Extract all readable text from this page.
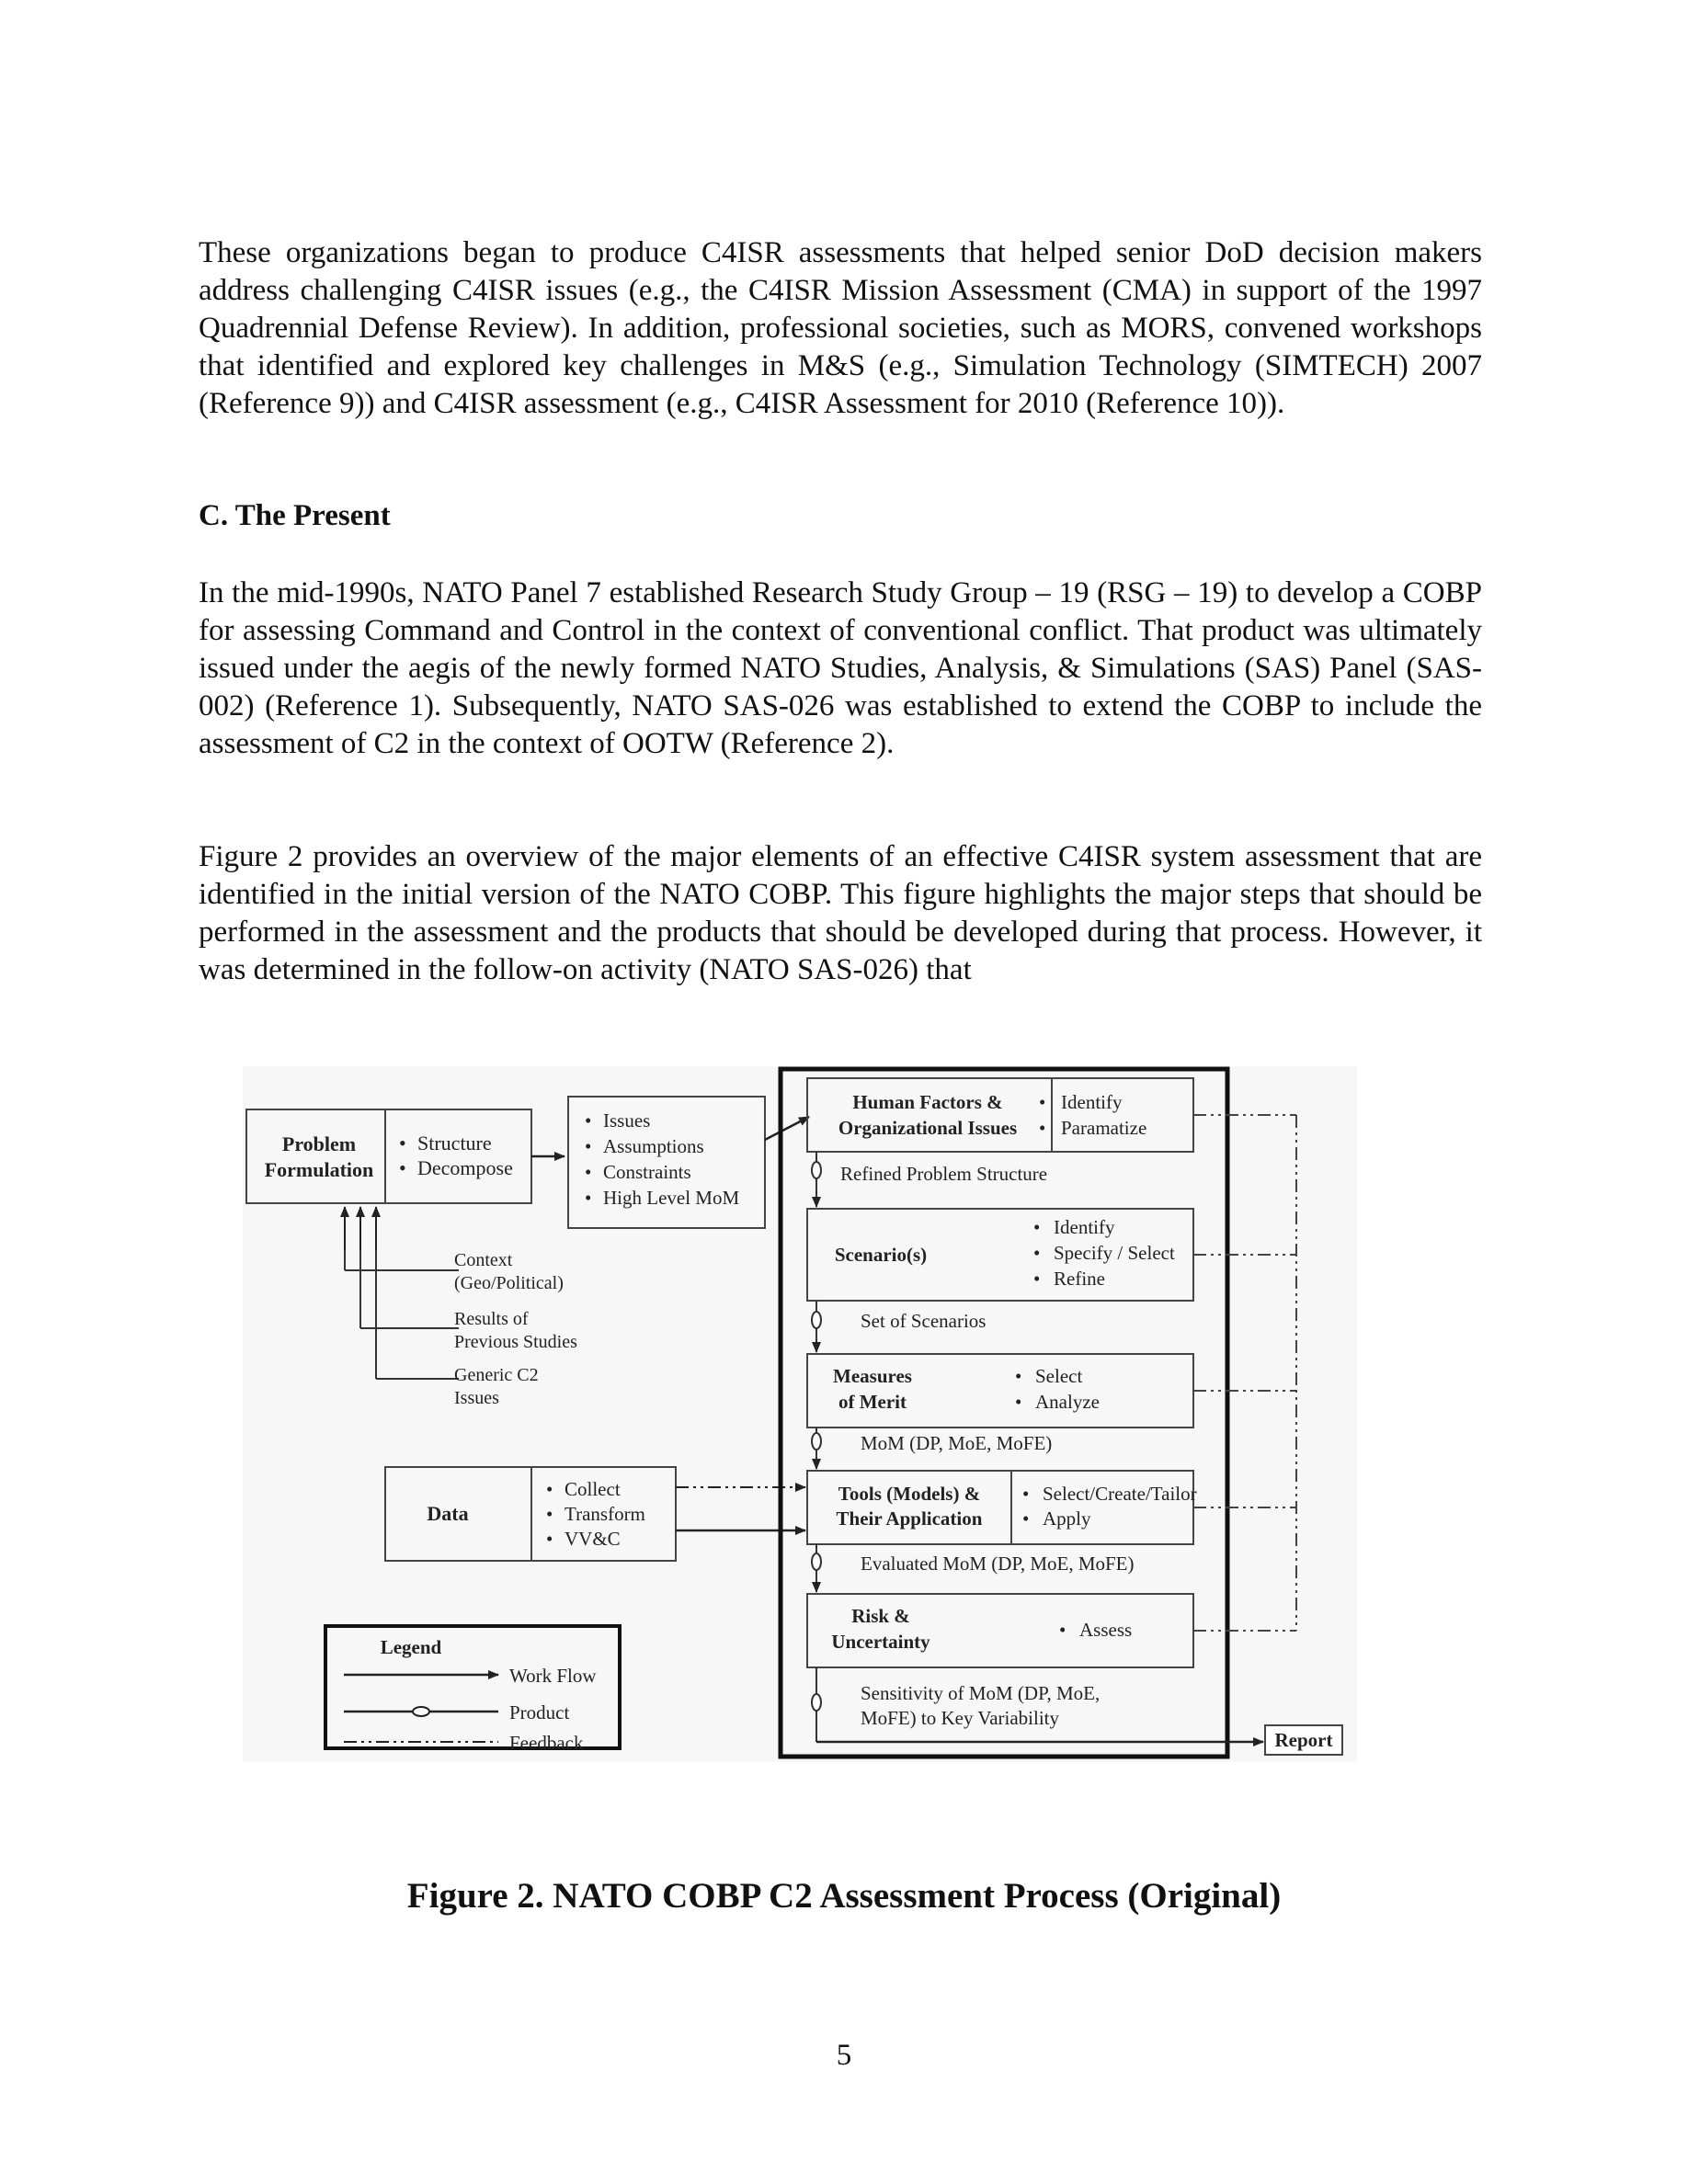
These organizations began to produce C4ISR assessments that helped senior DoD decision makers address challenging C4ISR issues (e.g., the C4ISR Mission Assessment (CMA) in support of the 1997 Quadrennial Defense Review). In addition, professional societies, such as MORS, convened workshops that identified and explored key challenges in M&S (e.g., Simulation Technology (SIMTECH) 2007 (Reference 9)) and C4ISR assessment (e.g., C4ISR Assessment for 2010 (Reference 10)).

C. The Present

In the mid-1990s, NATO Panel 7 established Research Study Group – 19 (RSG – 19) to develop a COBP for assessing Command and Control in the context of conventional conflict. That product was ultimately issued under the aegis of the newly formed NATO Studies, Analysis, & Simulations (SAS) Panel (SAS-002) (Reference 1). Subsequently, NATO SAS-026 was established to extend the COBP to include the assessment of C2 in the context of OOTW (Reference 2).

Figure 2 provides an overview of the major elements of an effective C4ISR system assessment that are identified in the initial version of the NATO COBP. This figure highlights the major steps that should be performed in the assessment and the products that should be developed during that process. However, it was determined in the follow-on activity (NATO SAS-026) that

Problem
Formulation
• Structure
• Decompose
• Issues
• Assumptions
• Constraints
• High Level MoM
Context
(Geo/Political)
Results of
Previous Studies
Generic C2
Issues
Data
• Collect
• Transform
• VV&C
Human Factors &
Organizational Issues
• Identify
• Paramatize
Refined Problem Structure
Scenario(s)
• Identify
• Specify / Select
• Refine
Set of Scenarios
Measures
of Merit
• Select
• Analyze
MoM (DP, MoE, MoFE)
Tools (Models) &
Their Application
• Select/Create/Tailor
• Apply
Evaluated MoM (DP, MoE, MoFE)
Risk &
Uncertainty
• Assess
Sensitivity of MoM (DP, MoE,
MoFE) to Key Variability
Report
Legend
Work Flow
Product
Feedback

Figure 2. NATO COBP C2 Assessment Process (Original)

5
